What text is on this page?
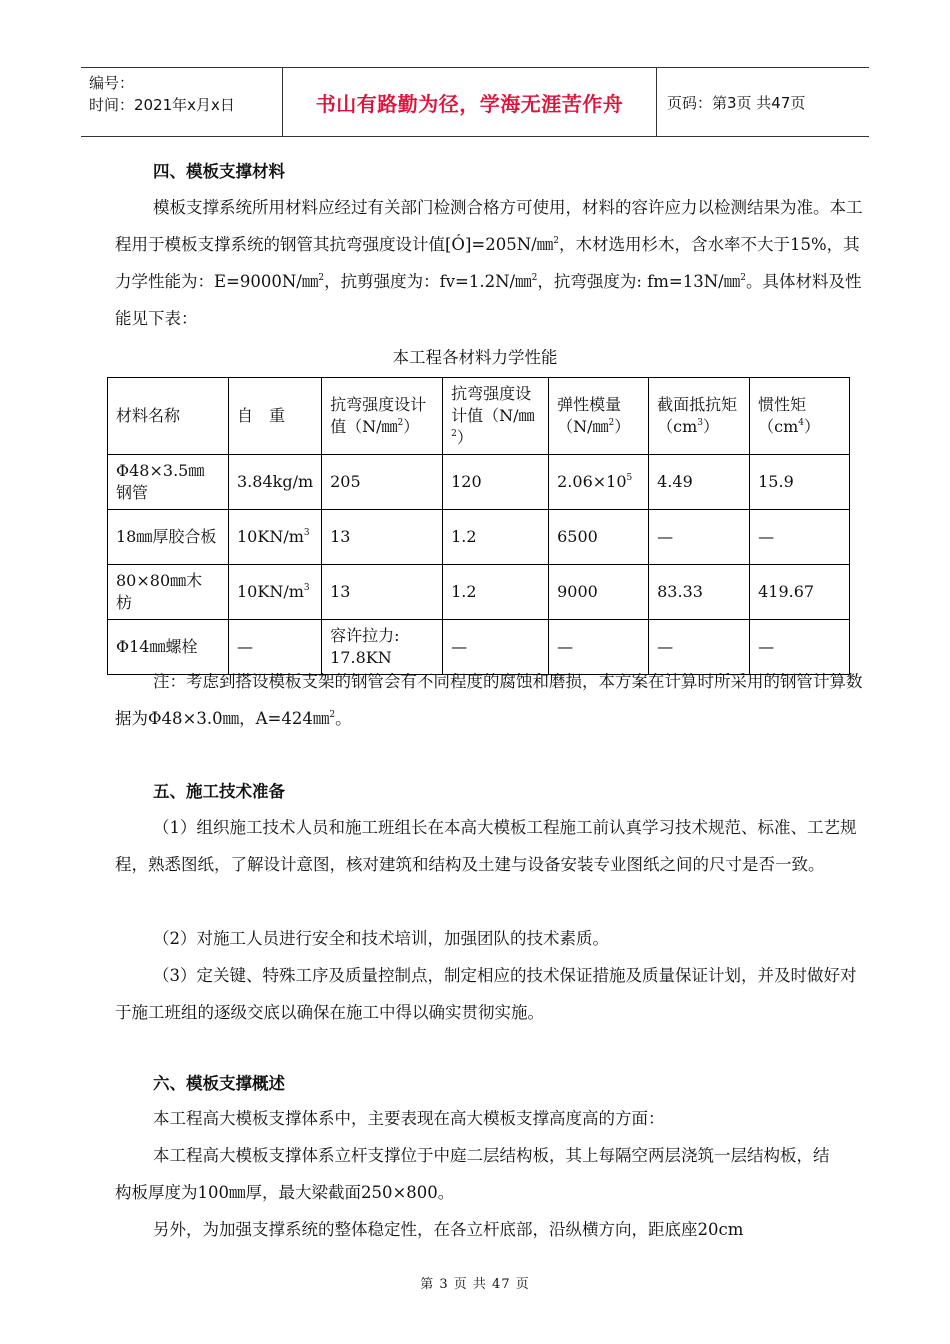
编号：
时间：2021年x月x日	书山有路勤为径，学海无涯苦作舟	页码：第3页 共47页
四、模板支撑材料
模板支撑系统所用材料应经过有关部门检测合格方可使用，材料的容许应力以检测结果为准。本工程用于模板支撑系统的钢管其抗弯强度设计值[Ó]=205N/㎜$^2$，木材选用杉木，含水率不大于15%，其力学性能为：E=9000N/㎜$^2$，抗剪强度为：fv=1.2N/㎜$^2$，抗弯强度为: fm=13N/㎜$^2$。具体材料及性能见下表：
本工程各材料力学性能
材料名称	自　重	抗弯强度设计值（N/㎜$^2$）	抗弯强度设计值（N/㎜$^2$）	弹性模量（N/㎜$^2$）	截面抵抗矩$(cm^3)$	惯性矩$(cm^4)$
Φ48×3.5㎜钢管	3.84kg/m	205	120	$2.06\times 10^5$	4.49	15.9
18㎜厚胶合板	$10KN/m^3$	13	1.2	6500	—	—
80×80㎜木 枋	$10KN/m^3$	13	1.2	9000	83.33	419.67
Φ14㎜螺栓	—	容许拉力: 17.8KN	—	—	—	—
注：考虑到搭设模板支架的钢管会有不同程度的腐蚀和磨损，本方案在计算时所采用的钢管计算数据为Φ48×3.0㎜，A=424㎜$^2$。
五、施工技术准备
（1）组织施工技术人员和施工班组长在本高大模板工程施工前认真学习技术规范、标准、工艺规程，熟悉图纸，了解设计意图，核对建筑和结构及土建与设备安装专业图纸之间的尺寸是否一致。
（2）对施工人员进行安全和技术培训，加强团队的技术素质。
（3）定关键、特殊工序及质量控制点，制定相应的技术保证措施及质量保证计划，并及时做好对于施工班组的逐级交底以确保在施工中得以确实贯彻实施。
六、模板支撑概述
本工程高大模板支撑体系中，主要表现在高大模板支撑高度高的方面：
本工程高大模板支撑体系立杆支撑位于中庭二层结构板，其上每隔空两层浇筑一层结构板，结构板厚度为100㎜厚，最大梁截面250×800。
另外，为加强支撑系统的整体稳定性，在各立杆底部，沿纵横方向，距底座20cm
第 3 页 共 47 页
